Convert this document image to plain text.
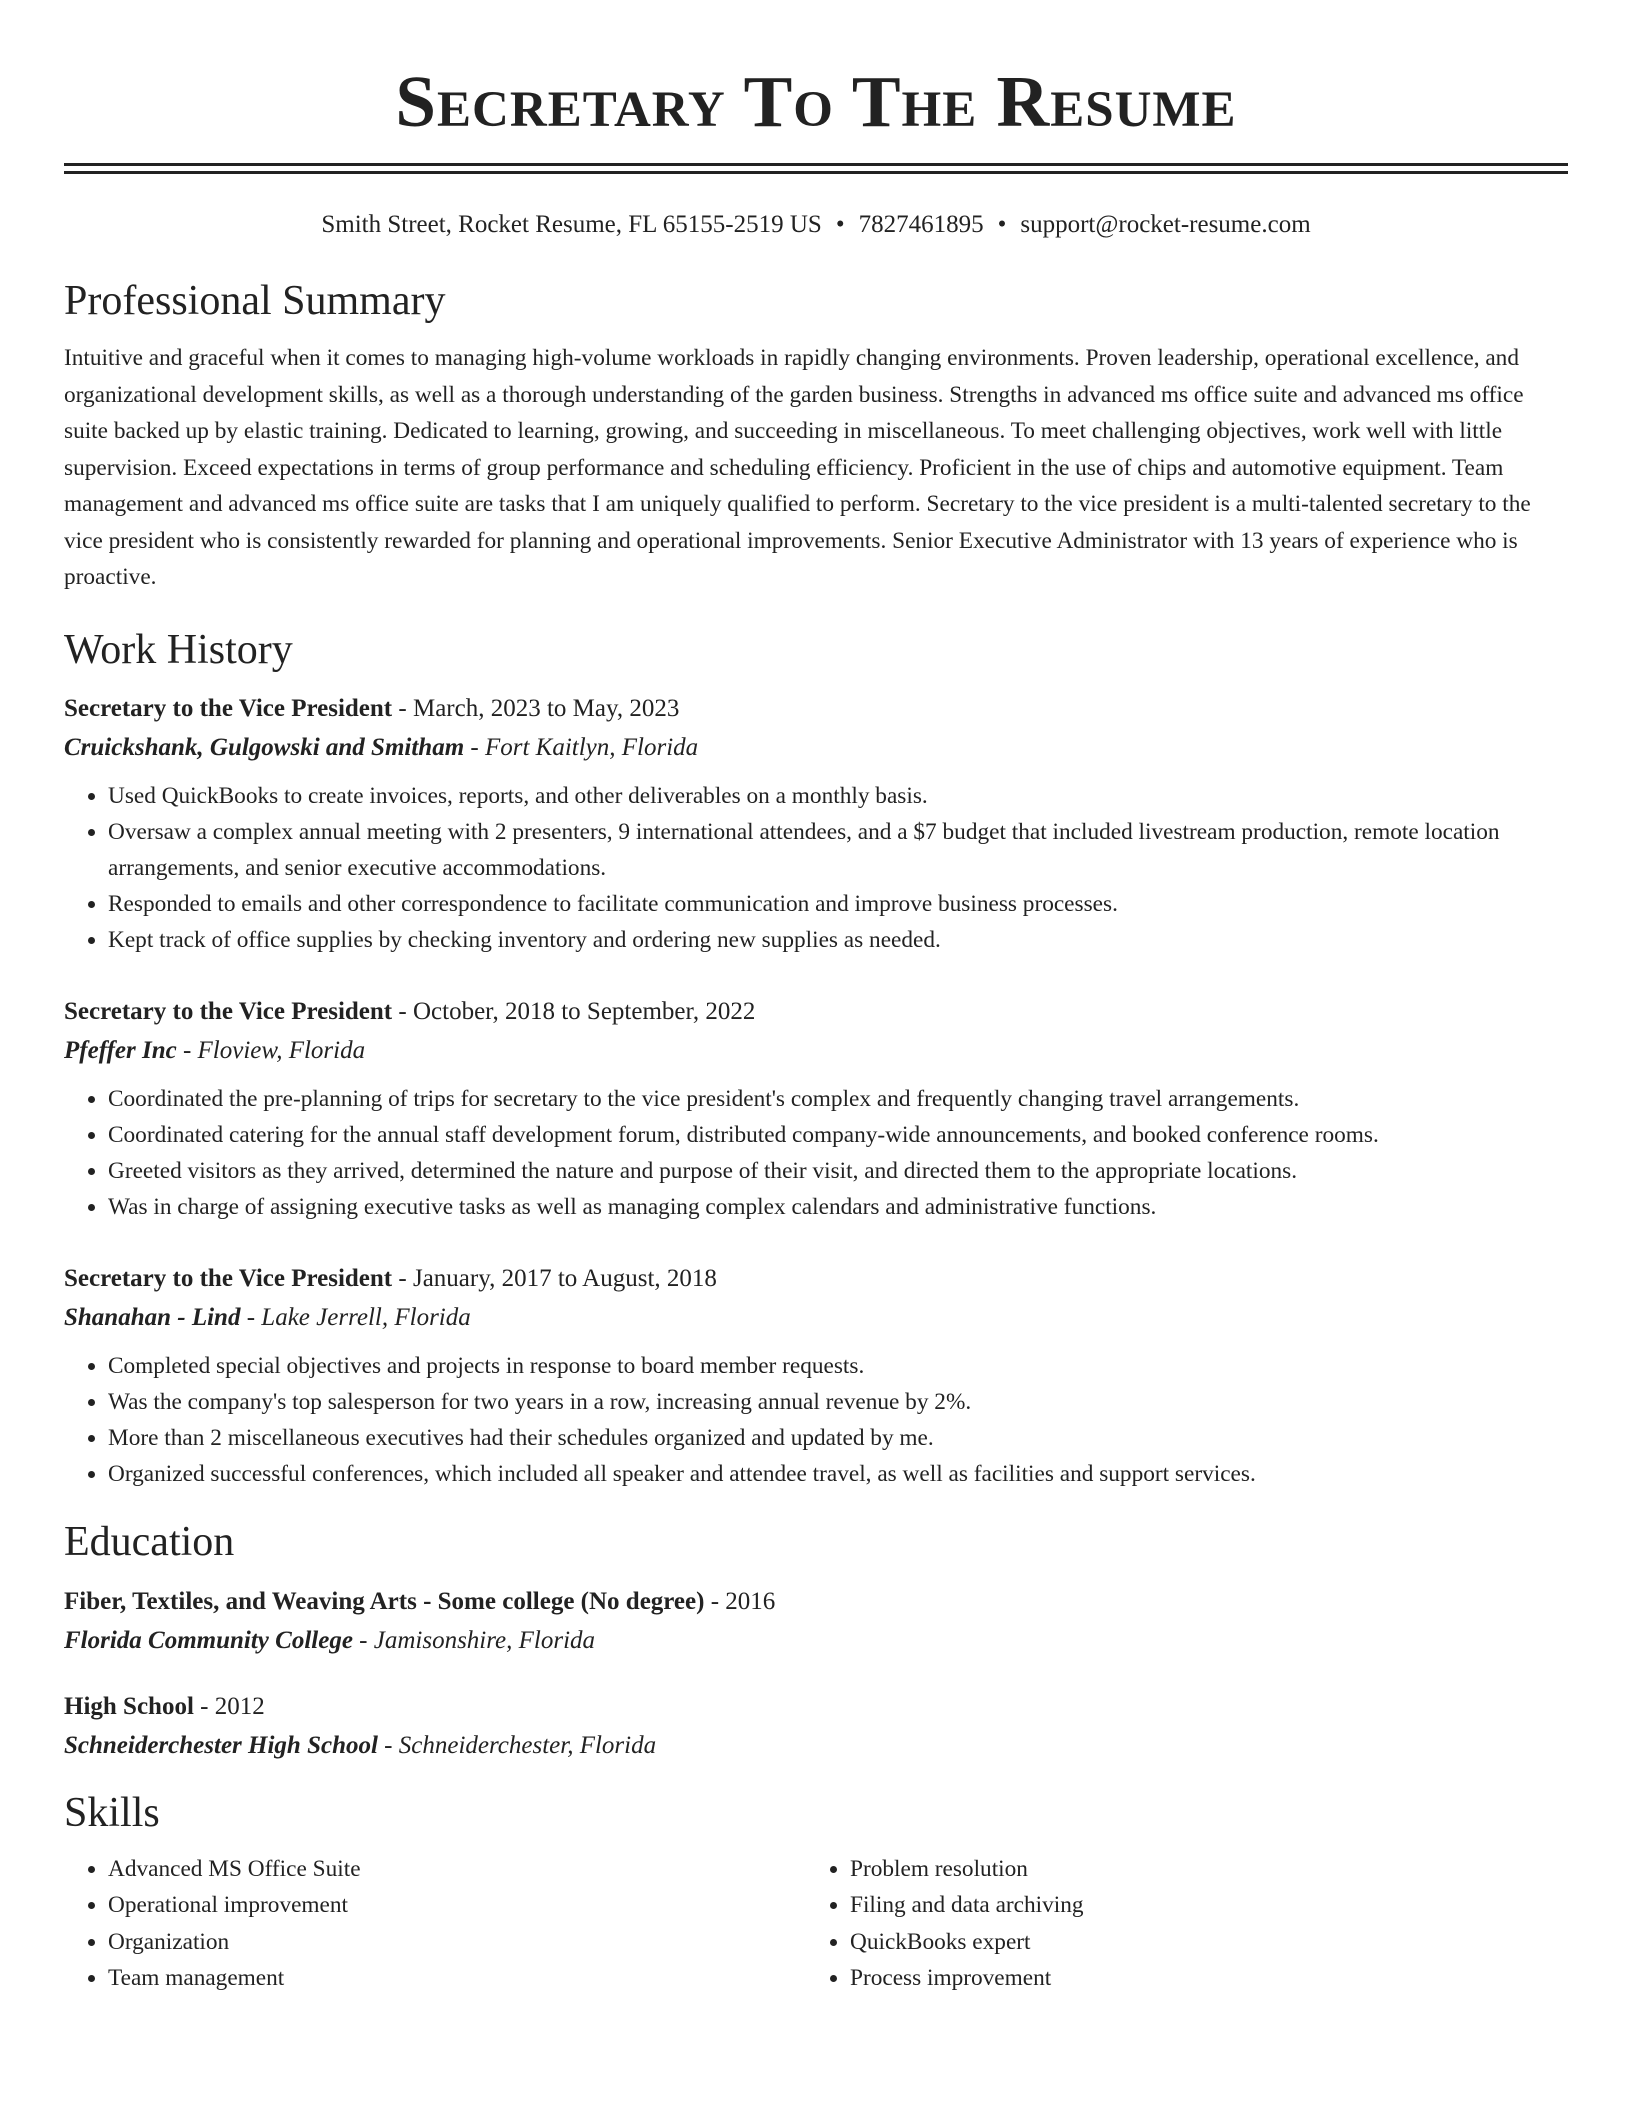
Secretary To The Resume
Smith Street, Rocket Resume, FL 65155-2519 US • 7827461895 • support@rocket-resume.com
Professional Summary

Intuitive and graceful when it comes to managing high-volume workloads in rapidly changing environments. Proven leadership, operational excellence, and organizational development skills, as well as a thorough understanding of the garden business. Strengths in advanced ms office suite and advanced ms office suite backed up by elastic training. Dedicated to learning, growing, and succeeding in miscellaneous. To meet challenging objectives, work well with little supervision. Exceed expectations in terms of group performance and scheduling efficiency. Proficient in the use of chips and automotive equipment. Team management and advanced ms office suite are tasks that I am uniquely qualified to perform. Secretary to the vice president is a multi-talented secretary to the vice president who is consistently rewarded for planning and operational improvements. Senior Executive Administrator with 13 years of experience who is proactive.

Work History
Secretary to the Vice President - March, 2023 to May, 2023
Cruickshank, Gulgowski and Smitham - Fort Kaitlyn, Florida
• Used QuickBooks to create invoices, reports, and other deliverables on a monthly basis.
• Oversaw a complex annual meeting with 2 presenters, 9 international attendees, and a $7 budget that included livestream production, remote location arrangements, and senior executive accommodations.
• Responded to emails and other correspondence to facilitate communication and improve business processes.
• Kept track of office supplies by checking inventory and ordering new supplies as needed.
Secretary to the Vice President - October, 2018 to September, 2022
Pfeffer Inc - Floview, Florida
• Coordinated the pre-planning of trips for secretary to the vice president's complex and frequently changing travel arrangements.
• Coordinated catering for the annual staff development forum, distributed company-wide announcements, and booked conference rooms.
• Greeted visitors as they arrived, determined the nature and purpose of their visit, and directed them to the appropriate locations.
• Was in charge of assigning executive tasks as well as managing complex calendars and administrative functions.
Secretary to the Vice President - January, 2017 to August, 2018
Shanahan - Lind - Lake Jerrell, Florida
• Completed special objectives and projects in response to board member requests.
• Was the company's top salesperson for two years in a row, increasing annual revenue by 2%.
• More than 2 miscellaneous executives had their schedules organized and updated by me.
• Organized successful conferences, which included all speaker and attendee travel, as well as facilities and support services.
Education
Fiber, Textiles, and Weaving Arts - Some college (No degree) - 2016
Florida Community College - Jamisonshire, Florida
High School - 2012
Schneiderchester High School - Schneiderchester, Florida
Skills
• Advanced MS Office Suite
• Operational improvement
• Organization
• Team management
• Problem resolution
• Filing and data archiving
• QuickBooks expert
• Process improvement
